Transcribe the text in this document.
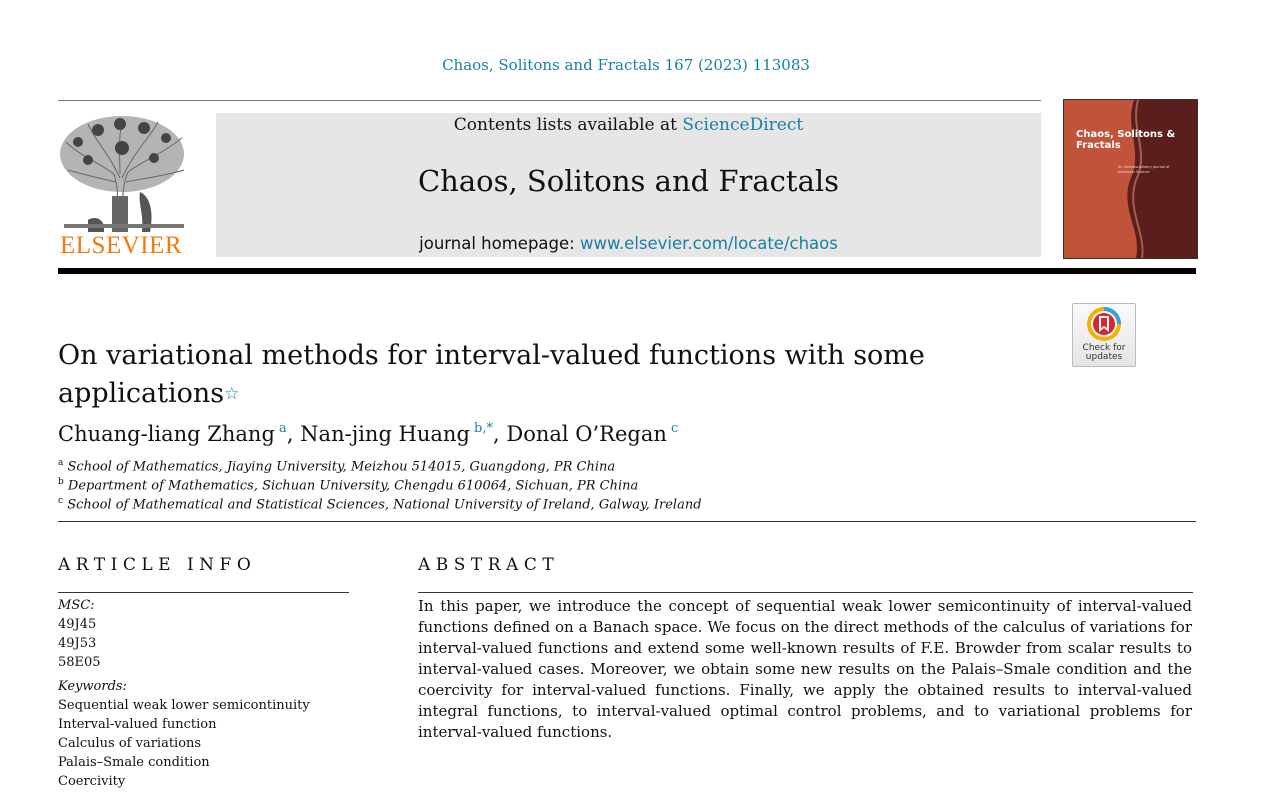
Chaos, Solitons and Fractals 167 (2023) 113083
ELSEVIER
Contents lists available at ScienceDirect
Chaos, Solitons and Fractals
journal homepage: www.elsevier.com/locate/chaos
Chaos, Solitons & Fractals
An Interdisciplinary Journal of Nonlinear Science
Check for updates
On variational methods for interval-valued functions with some applications☆
Chuang-liang Zhang $^a$, Nan-jing Huang $^{b,*}$, Donal O’Regan $^c$
$^a$ School of Mathematics, Jiaying University, Meizhou 514015, Guangdong, PR China
$^b$ Department of Mathematics, Sichuan University, Chengdu 610064, Sichuan, PR China
$^c$ School of Mathematical and Statistical Sciences, National University of Ireland, Galway, Ireland
ARTICLE INFO
MSC:
49J45
49J53
58E05
Keywords:
Sequential weak lower semicontinuity
Interval-valued function
Calculus of variations
Palais–Smale condition
Coercivity
ABSTRACT
In this paper, we introduce the concept of sequential weak lower semicontinuity of interval-valued functions defined on a Banach space. We focus on the direct methods of the calculus of variations for interval-valued functions and extend some well-known results of F.E. Browder from scalar results to interval-valued cases. Moreover, we obtain some new results on the Palais–Smale condition and the coercivity for interval-valued functions. Finally, we apply the obtained results to interval-valued integral functions, to interval-valued optimal control problems, and to variational problems for interval-valued functions.
